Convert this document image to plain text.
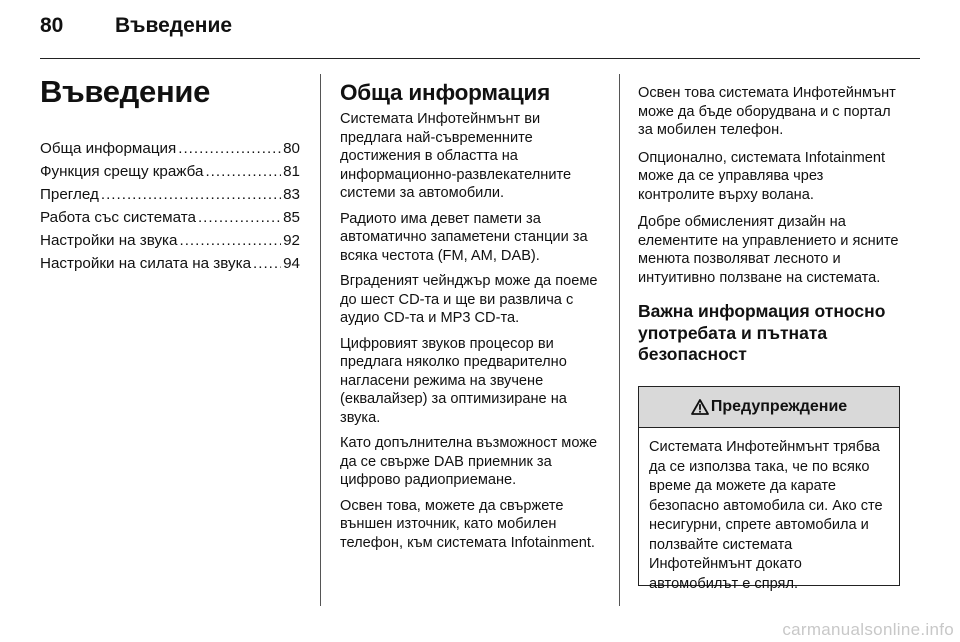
80	Въведение
Въведение
Обща информация .....	80
Функция срещу кражба .....	81
Преглед .....	83
Работа със системата .....	85
Настройки на звука .....	92
Настройки на силата на звука ..... 94
Обща информация

Системата Инфотейнмънт ви предлага най-съвременните достижения в областта на информационно-развлекателните системи за автомобили.

Радиото има девет памети за автоматично запаметени станции за всяка честота (FM, AM, DAB).

Вграденият чейнджър може да поеме до шест CD-та и ще ви развлича с аудио CD-та и MP3 CD-та.

Цифровият звуков процесор ви предлага няколко предварително нагласени режима на звучене (еквалайзер) за оптимизиране на звука.

Като допълнителна възможност може да се свърже DAB приемник за цифрово радиоприемане.

Освен това, можете да свържете външен източник, като мобилен телефон, към системата Infotainment.

Освен това системата Инфотейнмънт може да бъде оборудвана и с портал за мобилен телефон.

Опционално, системата Infotainment може да се управлява чрез контролите върху волана.

Добре обмисленият дизайн на елементите на управлението и ясните менюта позволяват лесното и интуитивно ползване на системата.

Важна информация относно употребата и пътната безопасност
Предупреждение
Системата Инфотейнмънт трябва да се използва така, че по всяко време да можете да карате безопасно автомобила си. Ако сте несигурни, спрете автомобила и ползвайте системата Инфотейнмънт докато автомобилът е спрял.
carmanualsonline.info
